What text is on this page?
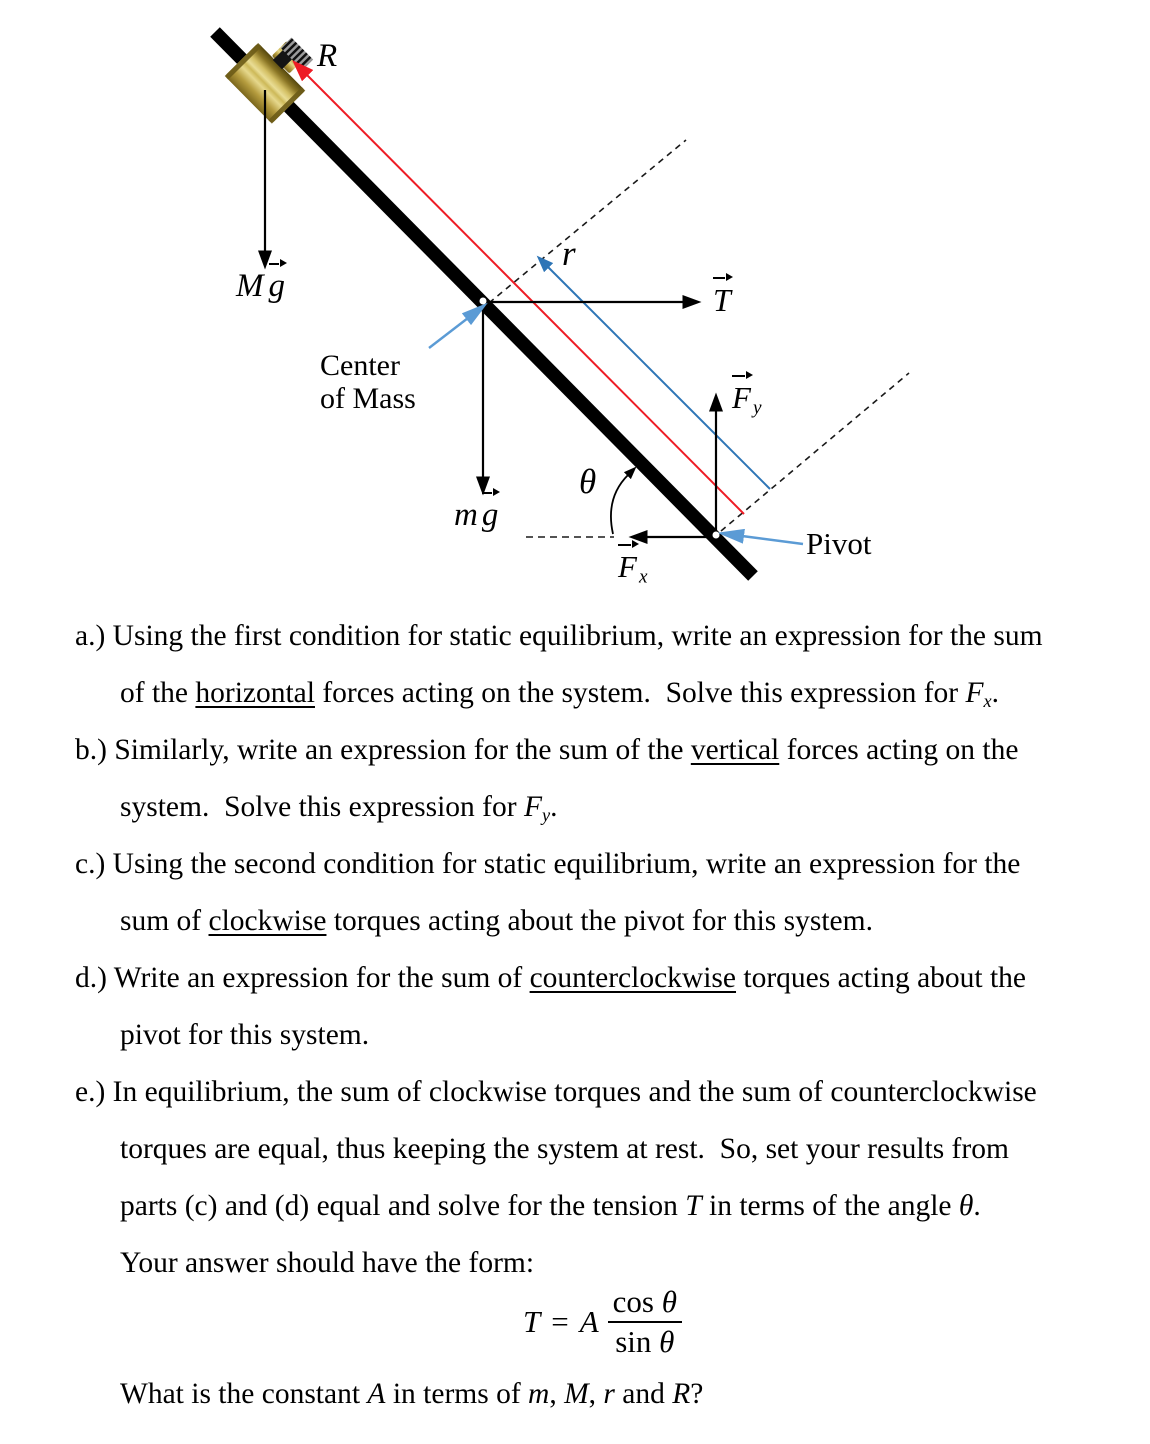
R
M g
Center
of Mass
r
T
F $_y$
θ
m g
F $_x$
Pivot
a.) Using the first condition for static equilibrium, write an expression for the sum
of the horizontal forces acting on the system.  Solve this expression for $F_x$.
b.) Similarly, write an expression for the sum of the vertical forces acting on the
system.  Solve this expression for $F_y$.
c.) Using the second condition for static equilibrium, write an expression for the
sum of clockwise torques acting about the pivot for this system.
d.) Write an expression for the sum of counterclockwise torques acting about the
pivot for this system.
e.) In equilibrium, the sum of clockwise torques and the sum of counterclockwise
torques are equal, thus keeping the system at rest.  So, set your results from
parts (c) and (d) equal and solve for the tension T in terms of the angle θ.
Your answer should have the form:
T = A $\frac{\text{cos θ}}{\text{sin θ}}$
What is the constant A in terms of m, M, r and R?
